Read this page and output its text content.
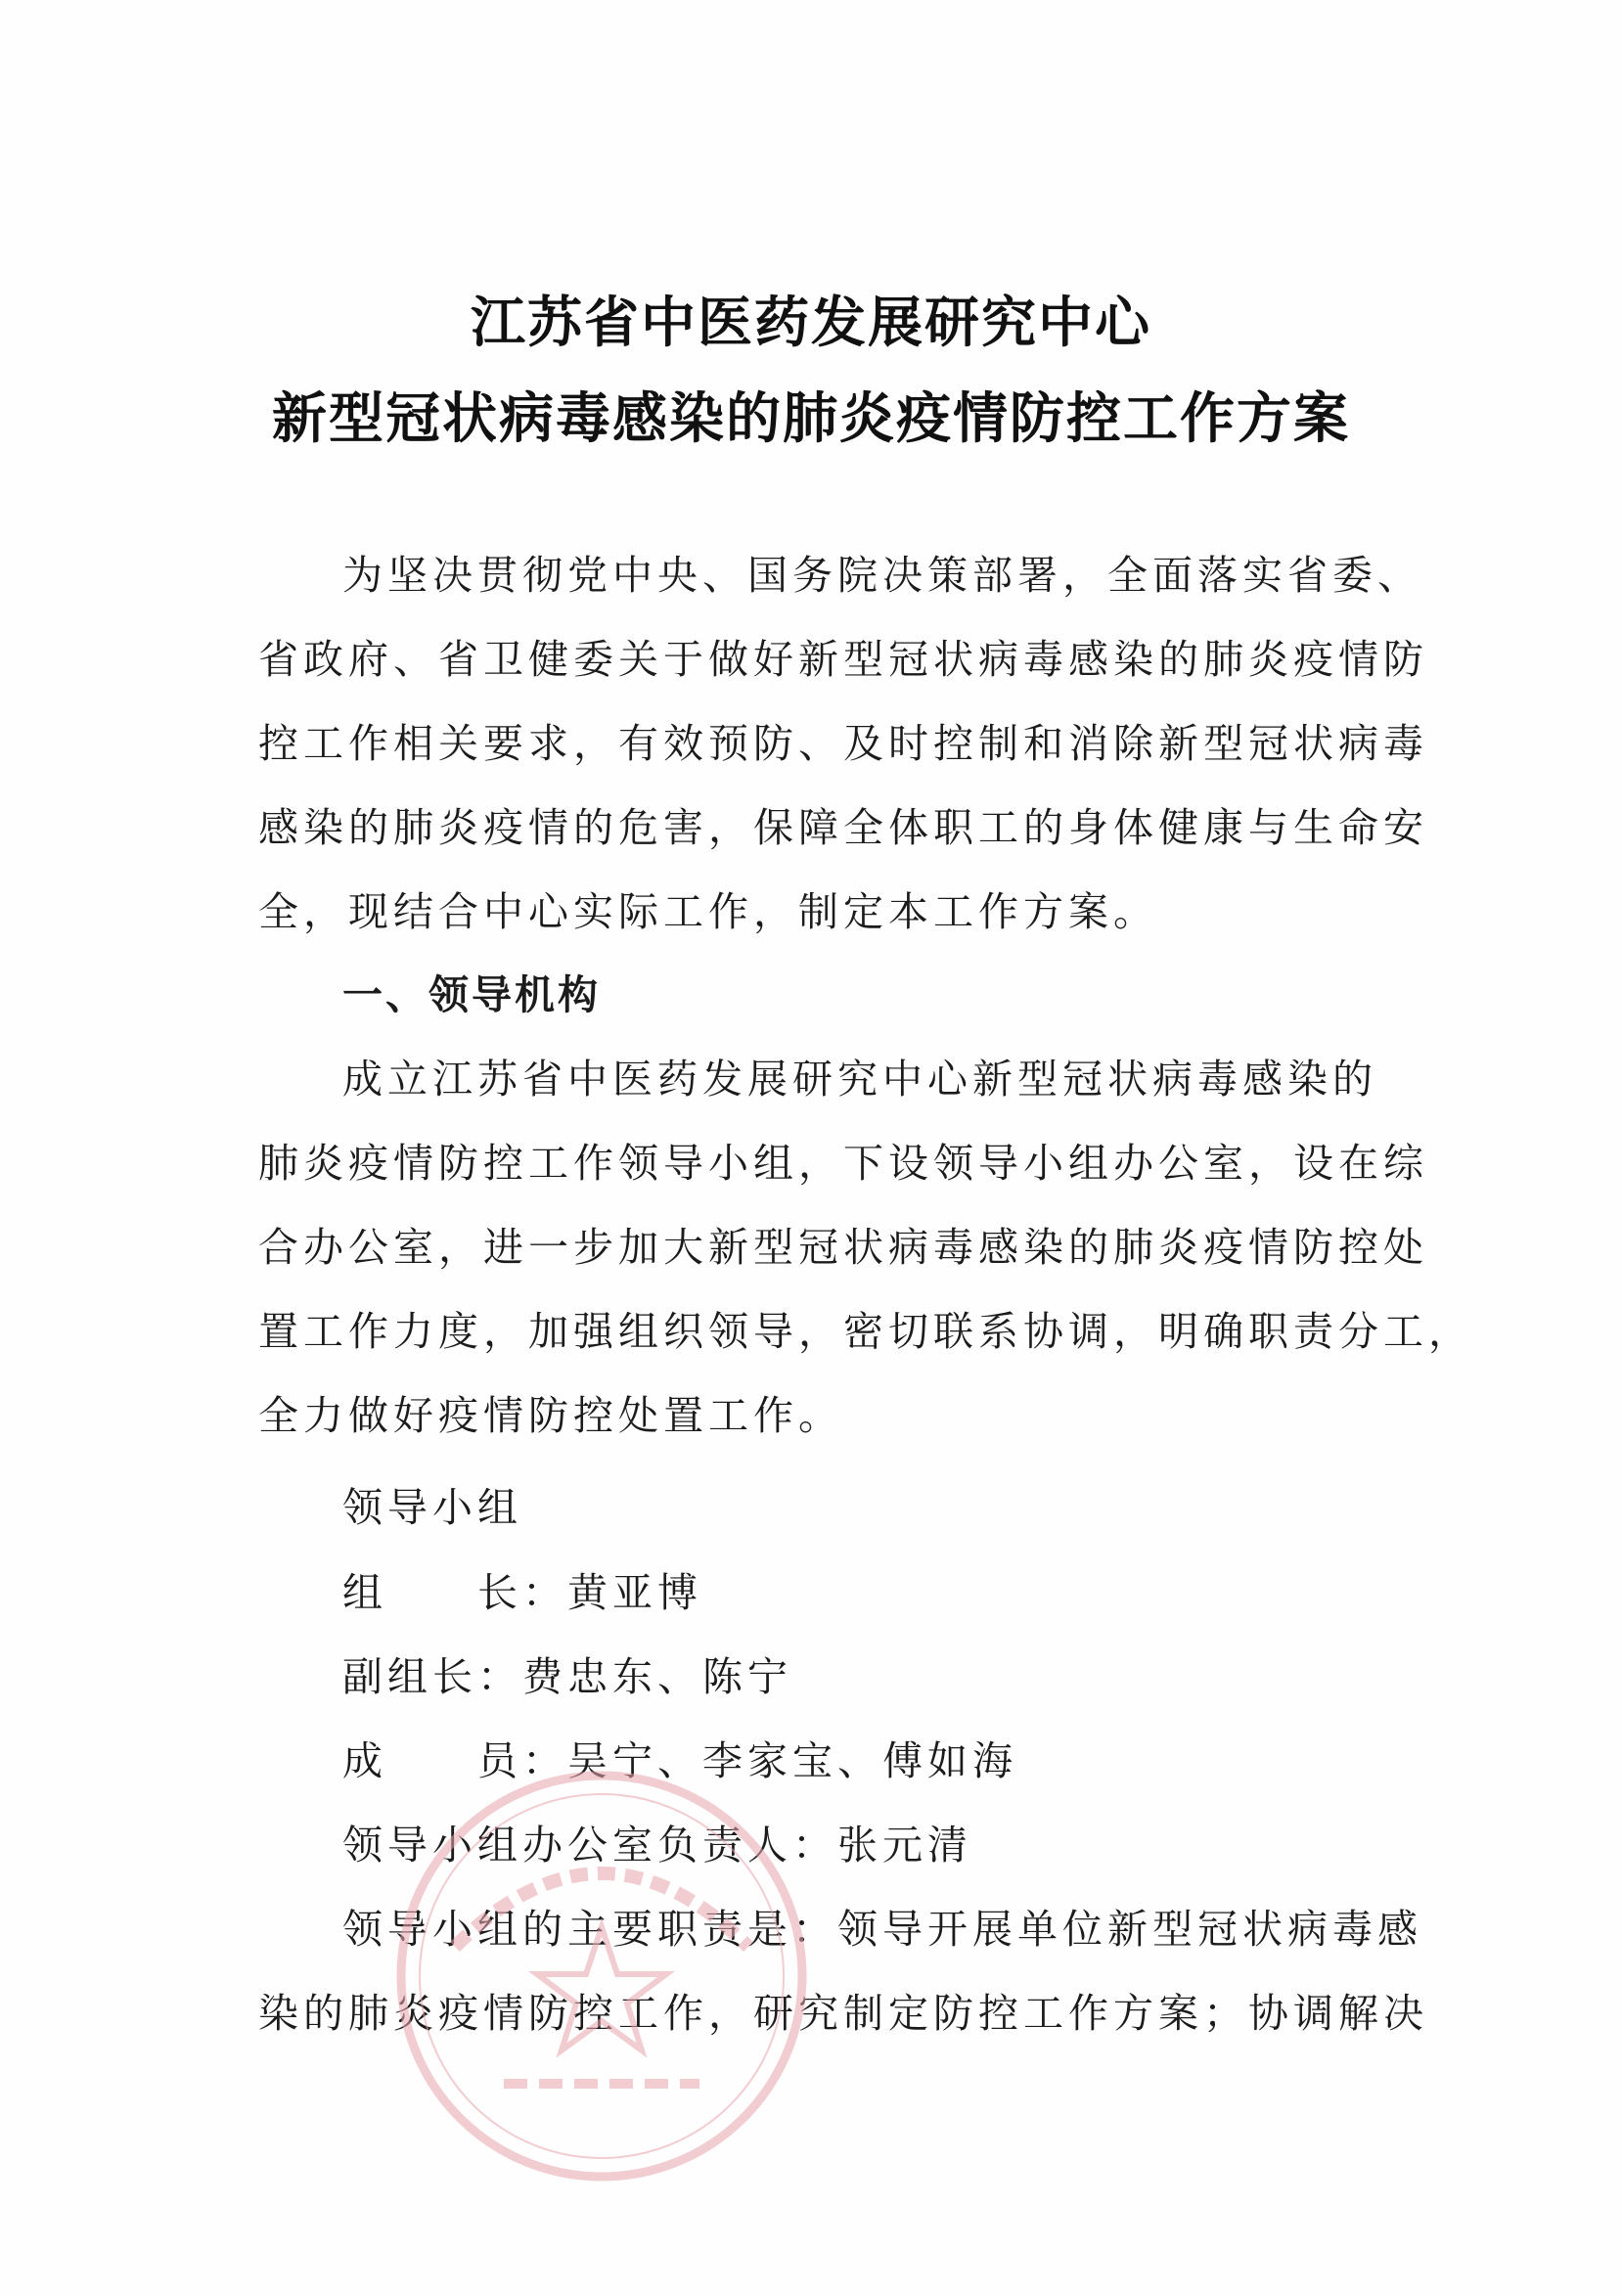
江苏省中医药发展研究中心
新型冠状病毒感染的肺炎疫情防控工作方案
为坚决贯彻党中央、国务院决策部署，全面落实省委、
省政府、省卫健委关于做好新型冠状病毒感染的肺炎疫情防
控工作相关要求，有效预防、及时控制和消除新型冠状病毒
感染的肺炎疫情的危害，保障全体职工的身体健康与生命安
全，现结合中心实际工作，制定本工作方案。
一、领导机构
成立江苏省中医药发展研究中心新型冠状病毒感染的
肺炎疫情防控工作领导小组，下设领导小组办公室，设在综
合办公室，进一步加大新型冠状病毒感染的肺炎疫情防控处
置工作力度，加强组织领导，密切联系协调，明确职责分工，
全力做好疫情防控处置工作。
领导小组
组　　长：黄亚博
副组长：费忠东、陈宁
成　　员：吴宁、李家宝、傅如海
领导小组办公室负责人：张元清
领导小组的主要职责是：领导开展单位新型冠状病毒感
染的肺炎疫情防控工作，研究制定防控工作方案；协调解决
